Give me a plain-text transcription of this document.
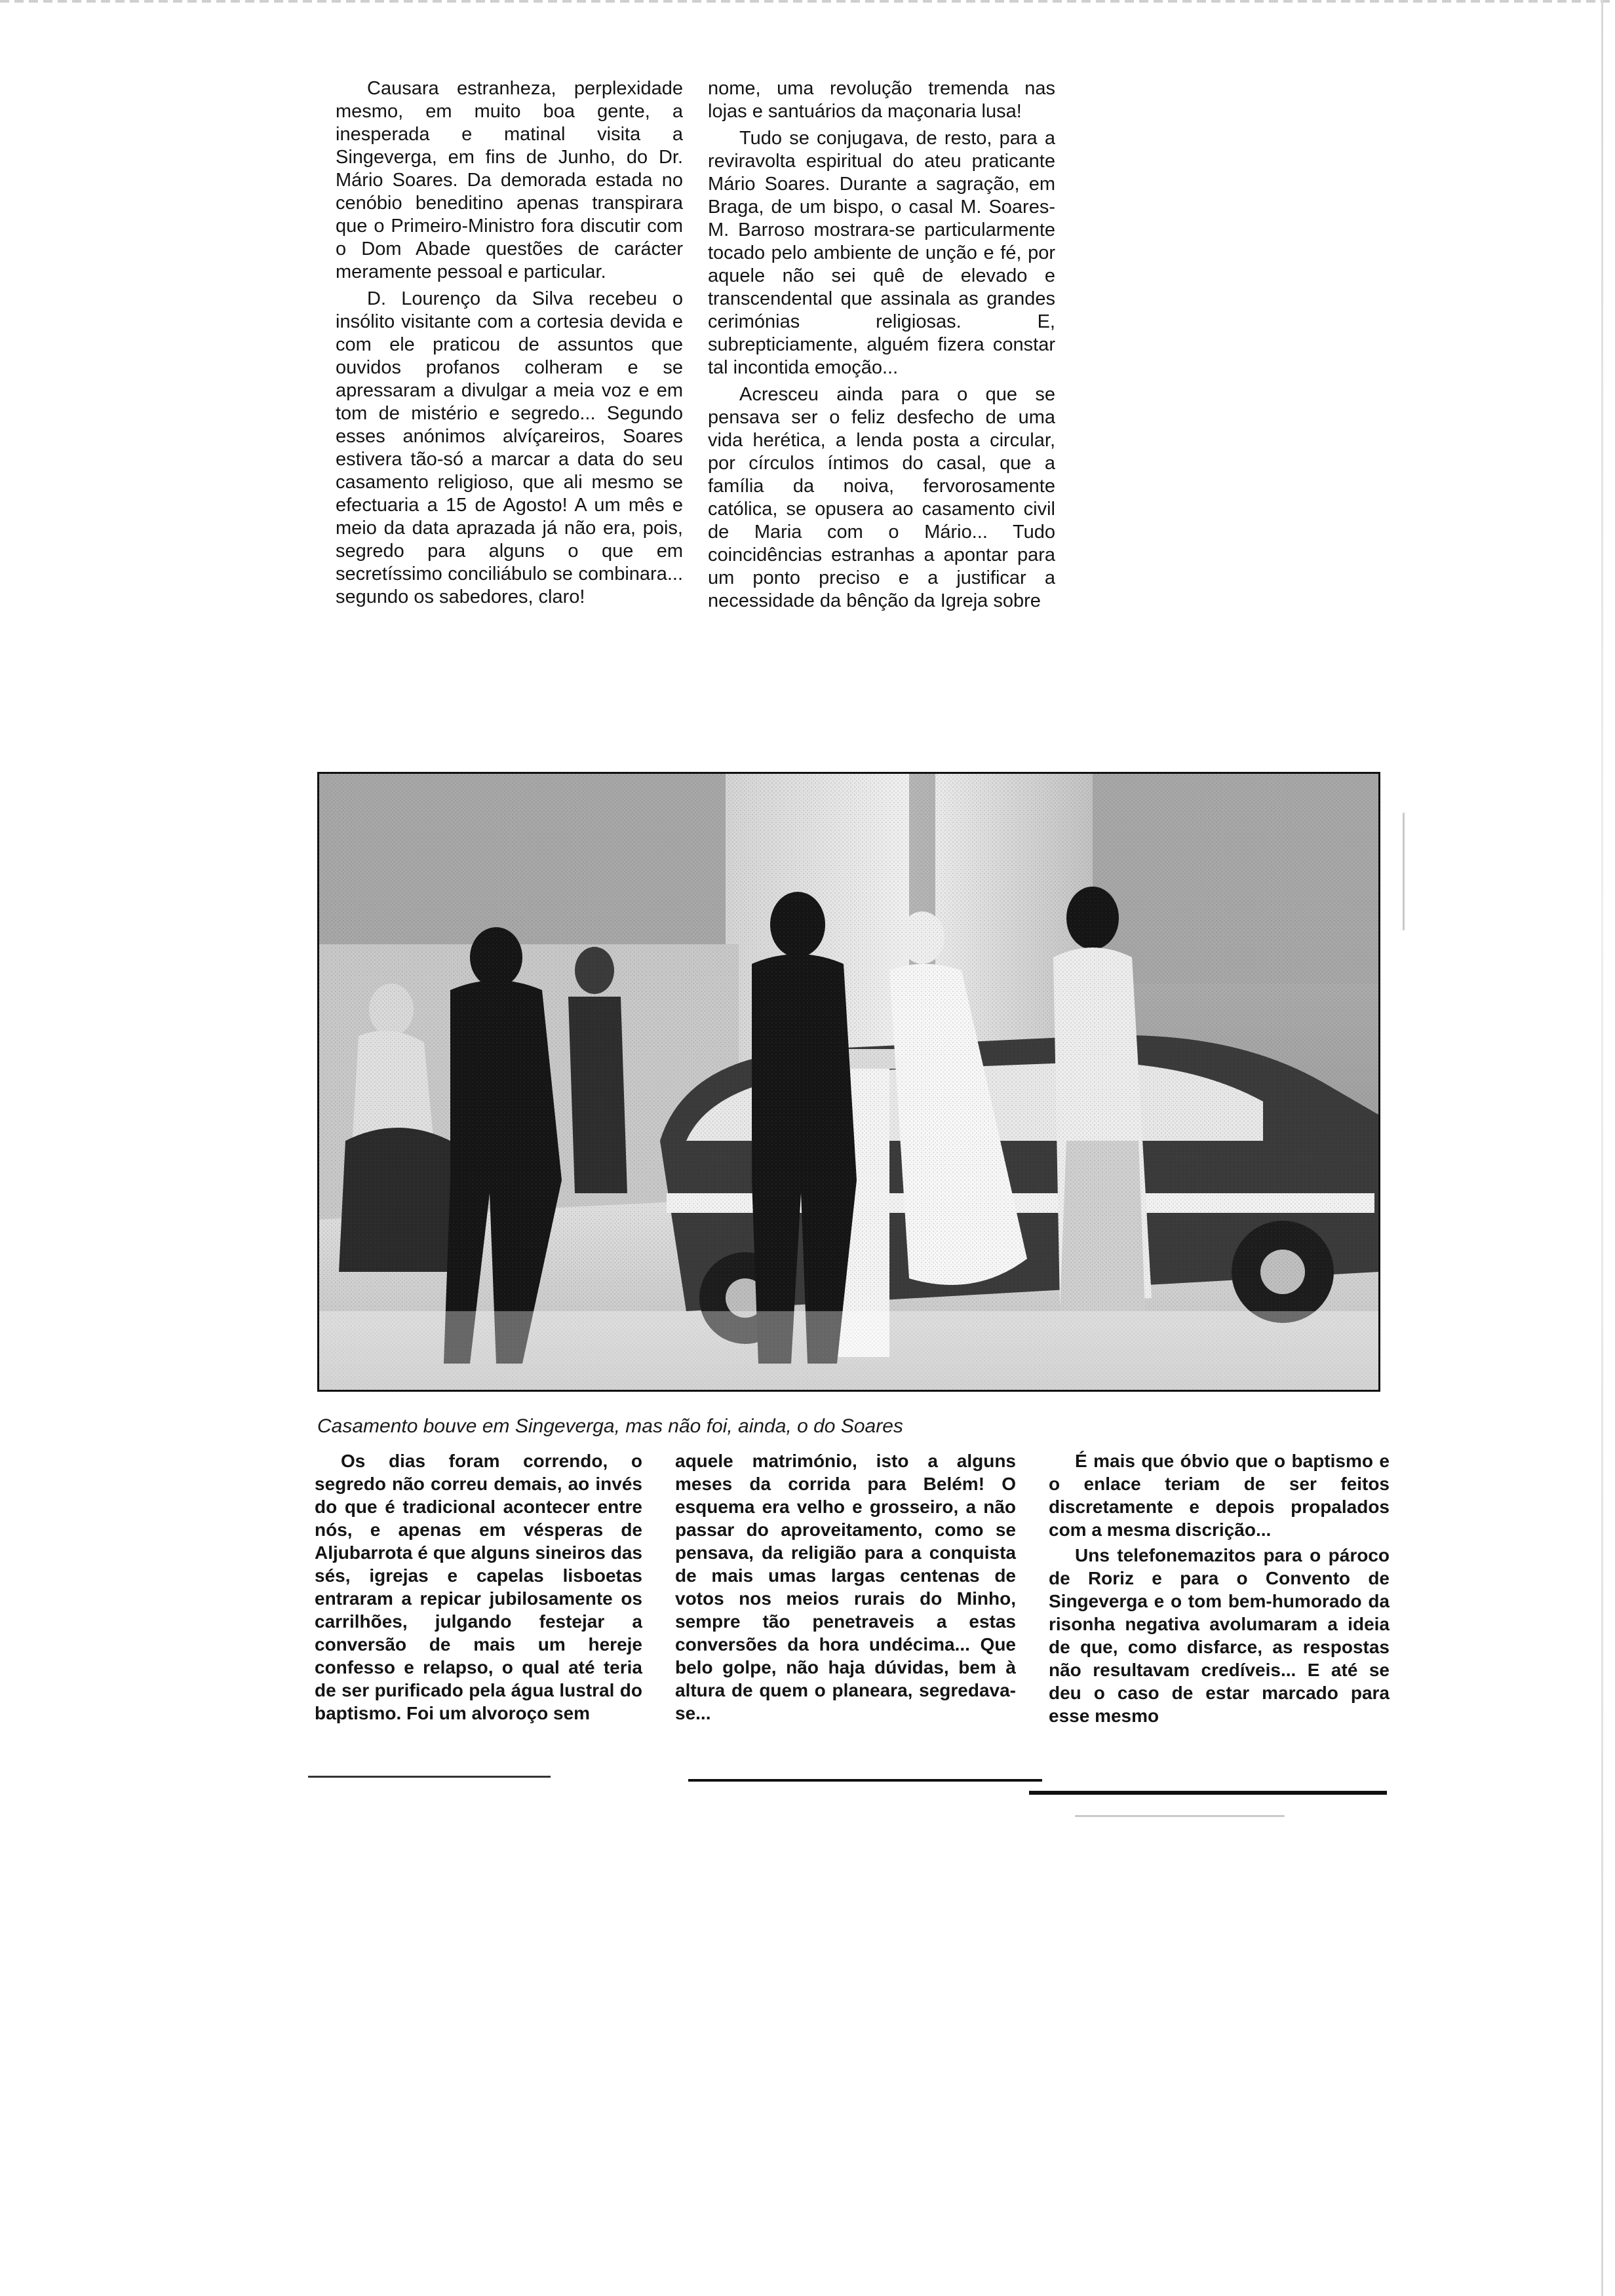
Causara estranheza, perplexidade mesmo, em muito boa gente, a inesperada e matinal visita a Singeverga, em fins de Junho, do Dr. Mário Soares. Da demorada estada no cenóbio beneditino apenas transpirara que o Primeiro-Ministro fora discutir com o Dom Abade questões de carácter meramente pessoal e particular.

D. Lourenço da Silva recebeu o insólito visitante com a cortesia devida e com ele praticou de assuntos que ouvidos profanos colheram e se apressaram a divulgar a meia voz e em tom de mistério e segredo... Segundo esses anónimos alvíçareiros, Soares estivera tão-só a marcar a data do seu casamento religioso, que ali mesmo se efectuaria a 15 de Agosto! A um mês e meio da data aprazada já não era, pois, segredo para alguns o que em secretíssimo conciliábulo se combinara... segundo os sabedores, claro!

nome, uma revolução tremenda nas lojas e santuários da maçonaria lusa!

Tudo se conjugava, de resto, para a reviravolta espiritual do ateu praticante Mário Soares. Durante a sagração, em Braga, de um bispo, o casal M. Soares-M. Barroso mostrara-se particularmente tocado pelo ambiente de unção e fé, por aquele não sei quê de elevado e transcendental que assinala as grandes cerimónias religiosas. E, subrepticiamente, alguém fizera constar tal incontida emoção...

Acresceu ainda para o que se pensava ser o feliz desfecho de uma vida herética, a lenda posta a circular, por círculos íntimos do casal, que a família da noiva, fervorosamente católica, se opusera ao casamento civil de Maria com o Mário... Tudo coincidências estranhas a apontar para um ponto preciso e a justificar a necessidade da bênção da Igreja sobre

Casamento bouve em Singeverga, mas não foi, ainda, o do Soares

Os dias foram correndo, o segredo não correu demais, ao invés do que é tradicional acontecer entre nós, e apenas em vésperas de Aljubarrota é que alguns sineiros das sés, igrejas e capelas lisboetas entraram a repicar jubilosamente os carrilhões, julgando festejar a conversão de mais um hereje confesso e relapso, o qual até teria de ser purificado pela água lustral do baptismo. Foi um alvoroço sem

aquele matrimónio, isto a alguns meses da corrida para Belém! O esquema era velho e grosseiro, a não passar do aproveitamento, como se pensava, da religião para a conquista de mais umas largas centenas de votos nos meios rurais do Minho, sempre tão penetraveis a estas conversões da hora undécima... Que belo golpe, não haja dúvidas, bem à altura de quem o planeara, segredava-se...

É mais que óbvio que o baptismo e o enlace teriam de ser feitos discretamente e depois propalados com a mesma discrição...

Uns telefonemazitos para o pároco de Roriz e para o Convento de Singeverga e o tom bem-humorado da risonha negativa avolumaram a ideia de que, como disfarce, as respostas não resultavam credíveis... E até se deu o caso de estar marcado para esse mesmo
